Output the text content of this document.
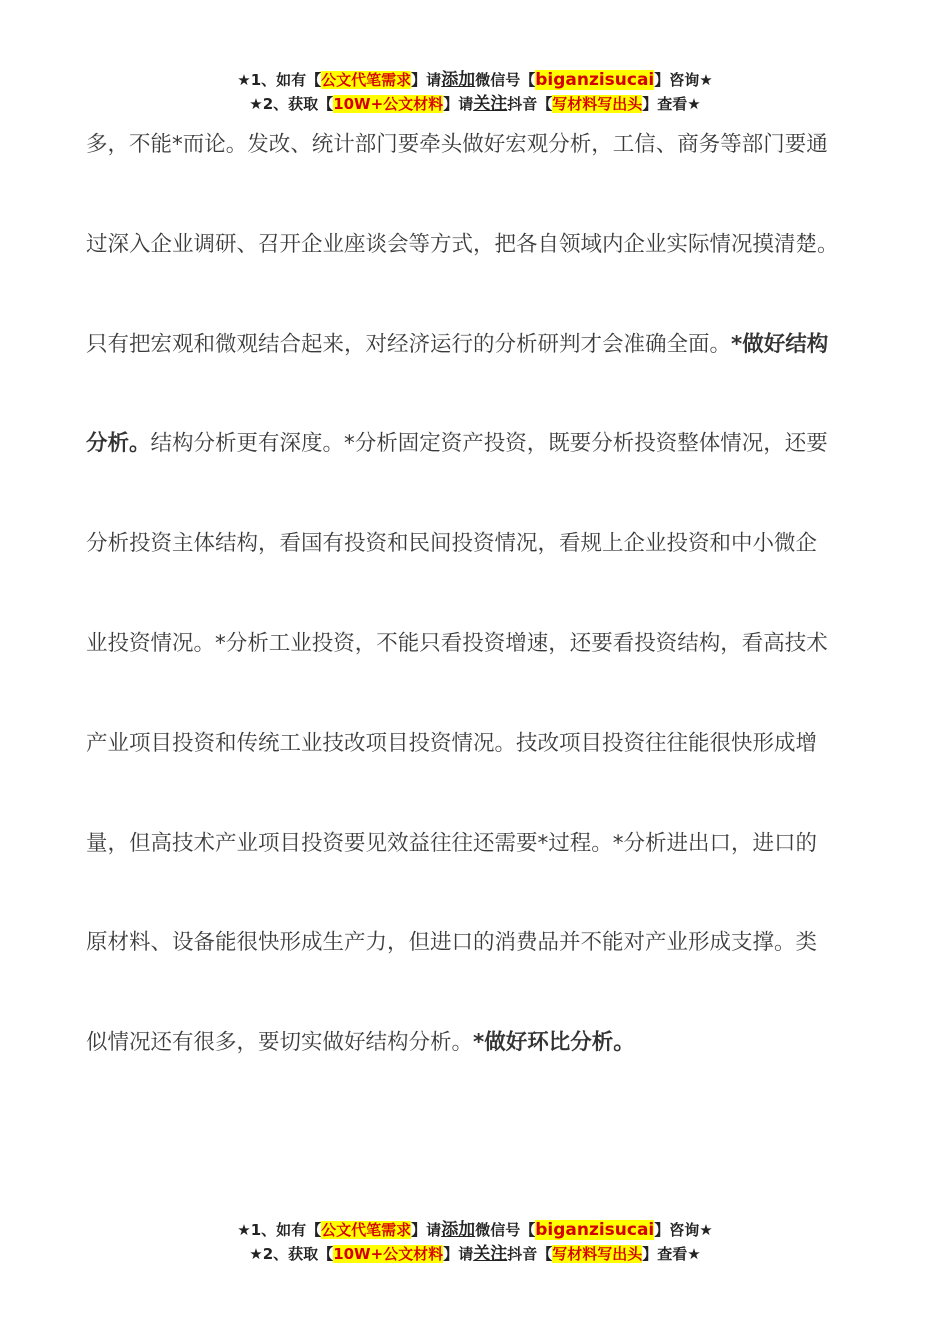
★1、如有【公文代笔需求】请添加微信号【biganzisucai】咨询★
★2、获取【10W+公文材料】请关注抖音【写材料写出头】查看★
多，不能*而论。发改、统计部门要牵头做好宏观分析，工信、商务等部门要通
过深入企业调研、召开企业座谈会等方式，把各自领域内企业实际情况摸清楚。
只有把宏观和微观结合起来，对经济运行的分析研判才会准确全面。*做好结构
分析。结构分析更有深度。*分析固定资产投资，既要分析投资整体情况，还要
分析投资主体结构，看国有投资和民间投资情况，看规上企业投资和中小微企
业投资情况。*分析工业投资，不能只看投资增速，还要看投资结构，看高技术
产业项目投资和传统工业技改项目投资情况。技改项目投资往往能很快形成增
量，但高技术产业项目投资要见效益往往还需要*过程。*分析进出口，进口的
原材料、设备能很快形成生产力，但进口的消费品并不能对产业形成支撑。类
似情况还有很多，要切实做好结构分析。*做好环比分析。
★1、如有【公文代笔需求】请添加微信号【biganzisucai】咨询★
★2、获取【10W+公文材料】请关注抖音【写材料写出头】查看★
